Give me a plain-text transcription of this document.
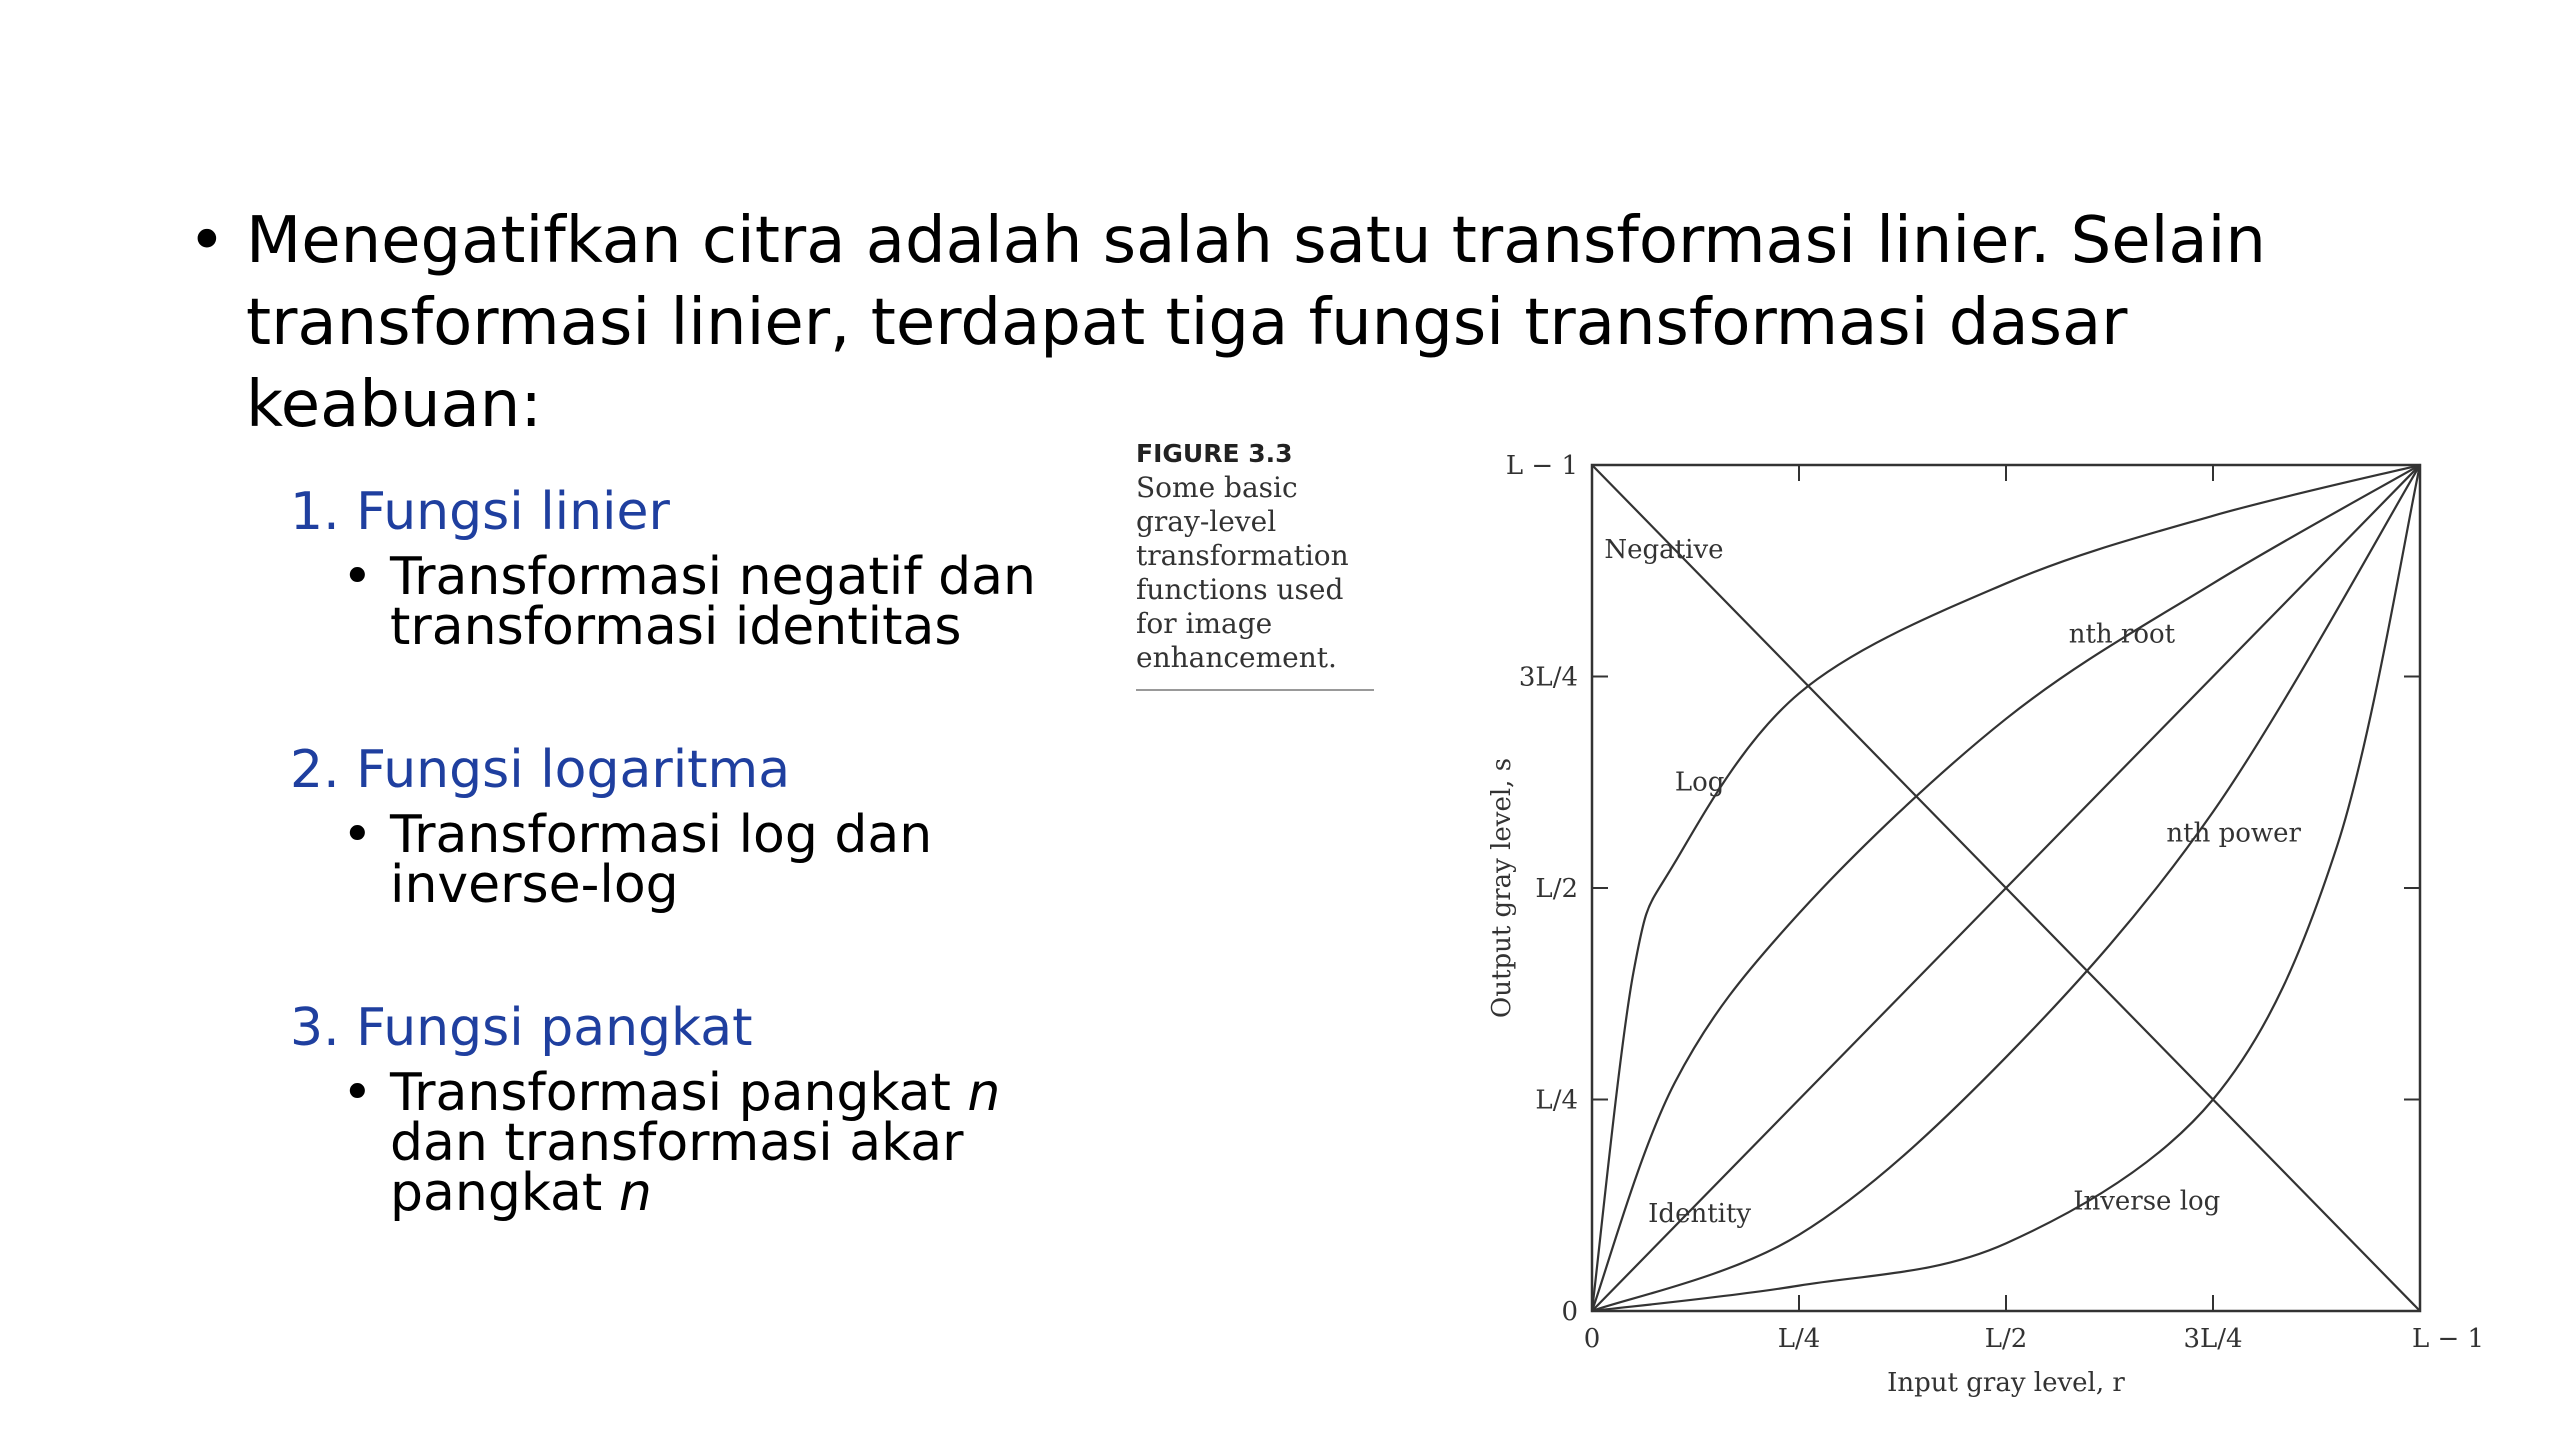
• Menegatifkan citra adalah salah satu transformasi linier. Selain transformasi linier, terdapat tiga fungsi transformasi dasar keabuan:
1. Fungsi linier
• Transformasi negatif dan transformasi identitas
2. Fungsi logaritma
• Transformasi log dan inverse-log
3. Fungsi pangkat
• Transformasi pangkat n dan transformasi akar pangkat n
FIGURE 3.3 Some basic gray-level transformation functions used for image enhancement.
0
0
L/4
L/4
L/2
L/2
3L/4
3L/4
L − 1
L − 1
Input gray level, r
Output gray level, s
Negative
nth root
Log
nth power
Identity	Inverse log
